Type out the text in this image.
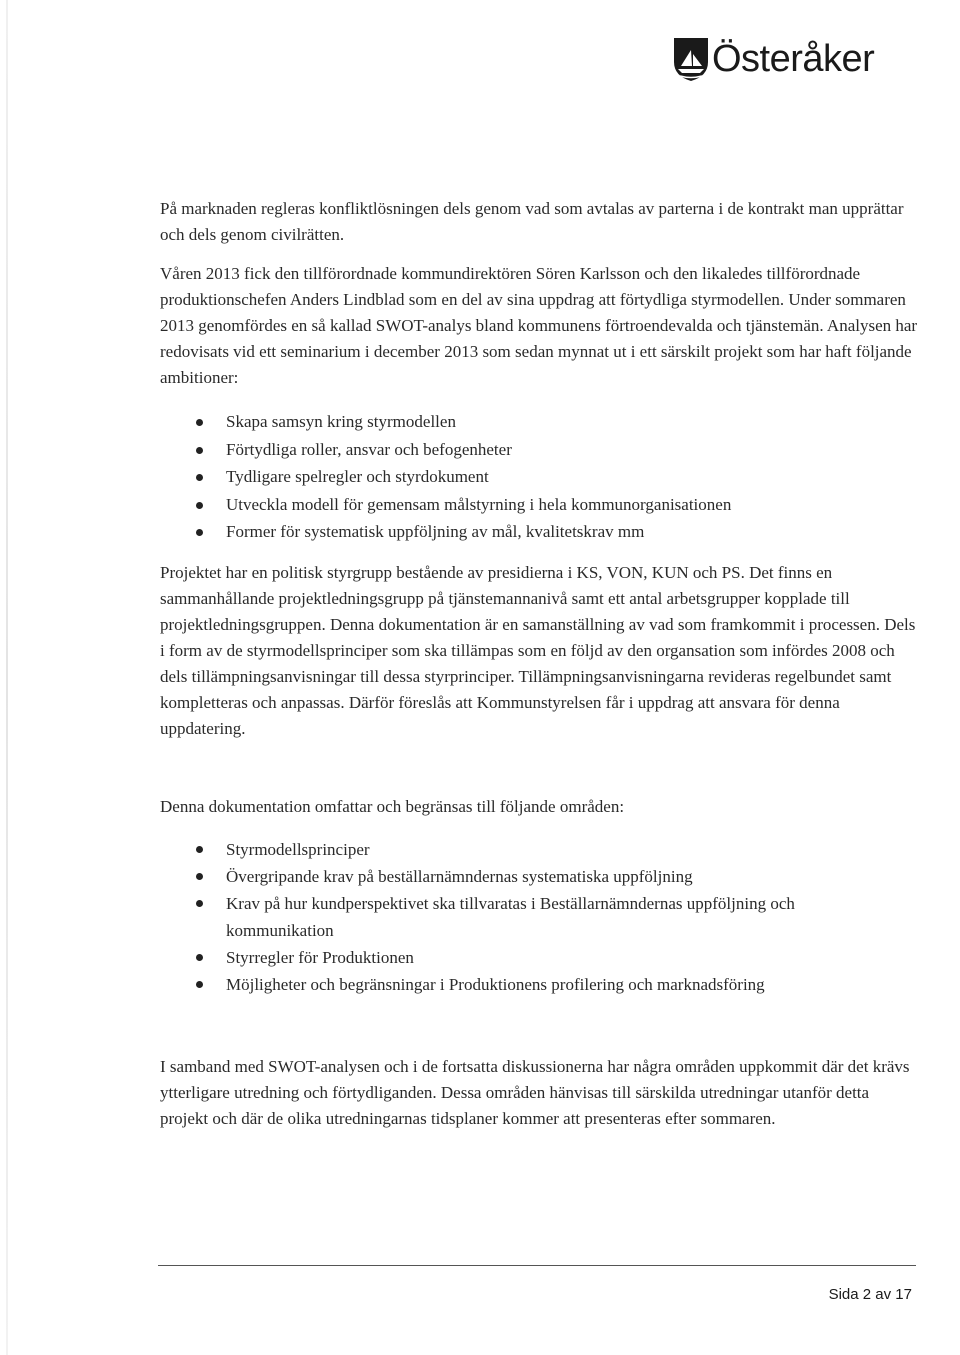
Österåker

På marknaden regleras konfliktlösningen dels genom vad som avtalas av parterna i de kontrakt man upprättar och dels genom civilrätten.

Våren 2013 fick den tillförordnade kommundirektören Sören Karlsson och den likaledes tillförordnade produktionschefen Anders Lindblad som en del av sina uppdrag att förtydliga styrmodellen. Under sommaren 2013 genomfördes en så kallad SWOT-analys bland kommunens förtroendevalda och tjänstemän. Analysen har redovisats vid ett seminarium i december 2013 som sedan mynnat ut i ett särskilt projekt som har haft följande ambitioner:

Skapa samsyn kring styrmodellen
Förtydliga roller, ansvar och befogenheter
Tydligare spelregler och styrdokument
Utveckla modell för gemensam målstyrning i hela kommunorganisationen
Former för systematisk uppföljning av mål, kvalitetskrav mm

Projektet har en politisk styrgrupp bestående av presidierna i KS, VON, KUN och PS. Det finns en sammanhållande projektledningsgrupp på tjänstemannanivå samt ett antal arbetsgrupper kopplade till projektledningsgruppen. Denna dokumentation är en samanställning av vad som framkommit i processen. Dels i form av de styrmodellsprinciper som ska tillämpas som en följd av den organsation som infördes 2008 och dels tillämpningsanvisningar till dessa styrprinciper. Tillämpningsanvisningarna revideras regelbundet samt kompletteras och anpassas. Därför föreslås att Kommunstyrelsen får i uppdrag att ansvara för denna uppdatering.

Denna dokumentation omfattar och begränsas till följande områden:

Styrmodellsprinciper
Övergripande krav på beställarnämndernas systematiska uppföljning
Krav på hur kundperspektivet ska tillvaratas i Beställarnämndernas uppföljning och kommunikation
Styrregler för Produktionen
Möjligheter och begränsningar i Produktionens profilering och marknadsföring

I samband med SWOT-analysen och i de fortsatta diskussionerna har några områden uppkommit där det krävs ytterligare utredning och förtydliganden. Dessa områden hänvisas till särskilda utredningar utanför detta projekt och där de olika utredningarnas tidsplaner kommer att presenteras efter sommaren.

Sida 2 av 17
